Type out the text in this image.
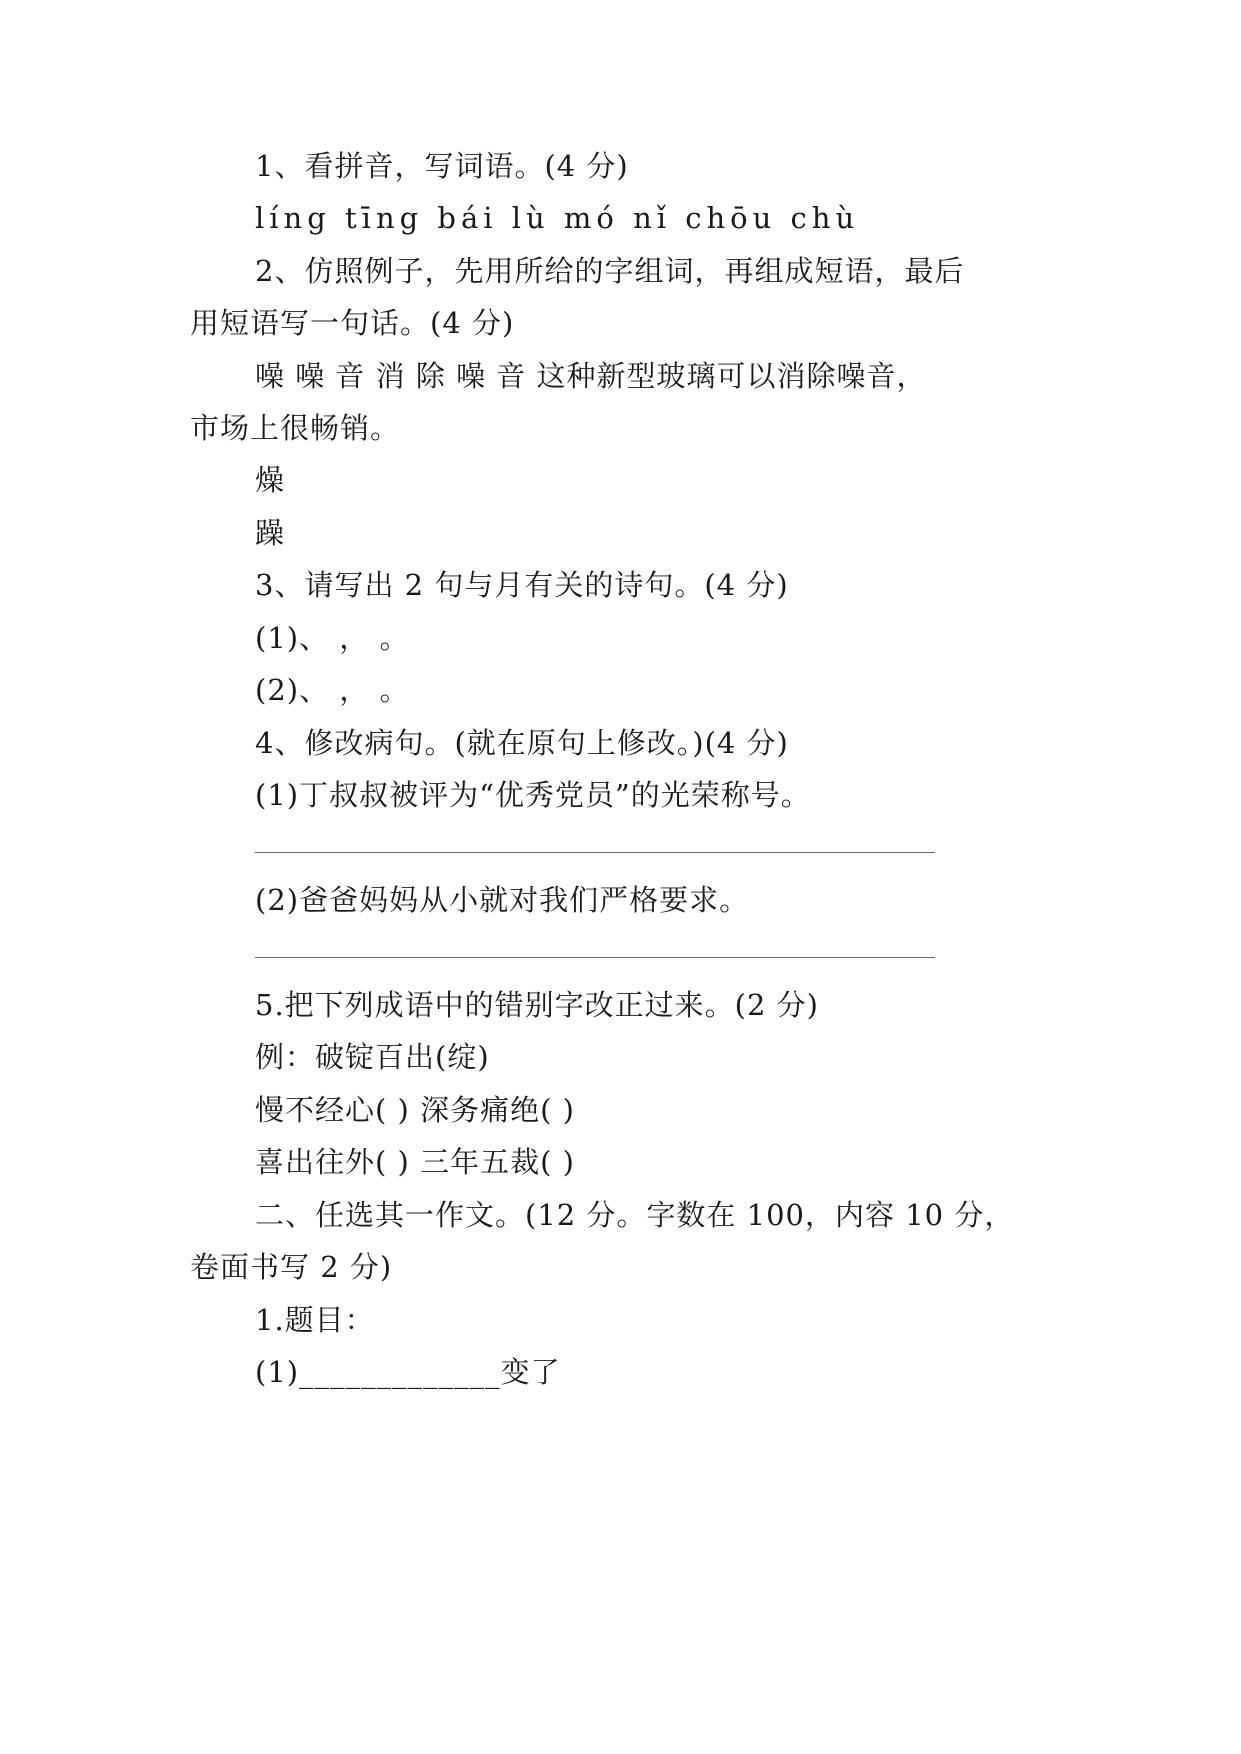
1、看拼音，写词语。(4 分)
líng tīng bái lù mó nǐ chōu chù
2、仿照例子，先用所给的字组词，再组成短语，最后
用短语写一句话。(4 分)
噪 噪 音 消 除 噪 音 这种新型玻璃可以消除噪音，
市场上很畅销。
燥
躁
3、请写出 2 句与月有关的诗句。(4 分)
(1)、 ， 。
(2)、 ， 。
4、修改病句。(就在原句上修改。)(4 分)
(1)丁叔叔被评为“优秀党员”的光荣称号。
(2)爸爸妈妈从小就对我们严格要求。
5.把下列成语中的错别字改正过来。(2 分)
例：破锭百出(绽)
慢不经心( ) 深务痛绝( )
喜出往外( ) 三年五裁( )
二、任选其一作文。(12 分。字数在 100，内容 10 分，
卷面书写 2 分)
1.题目：
(1)_____________变了
